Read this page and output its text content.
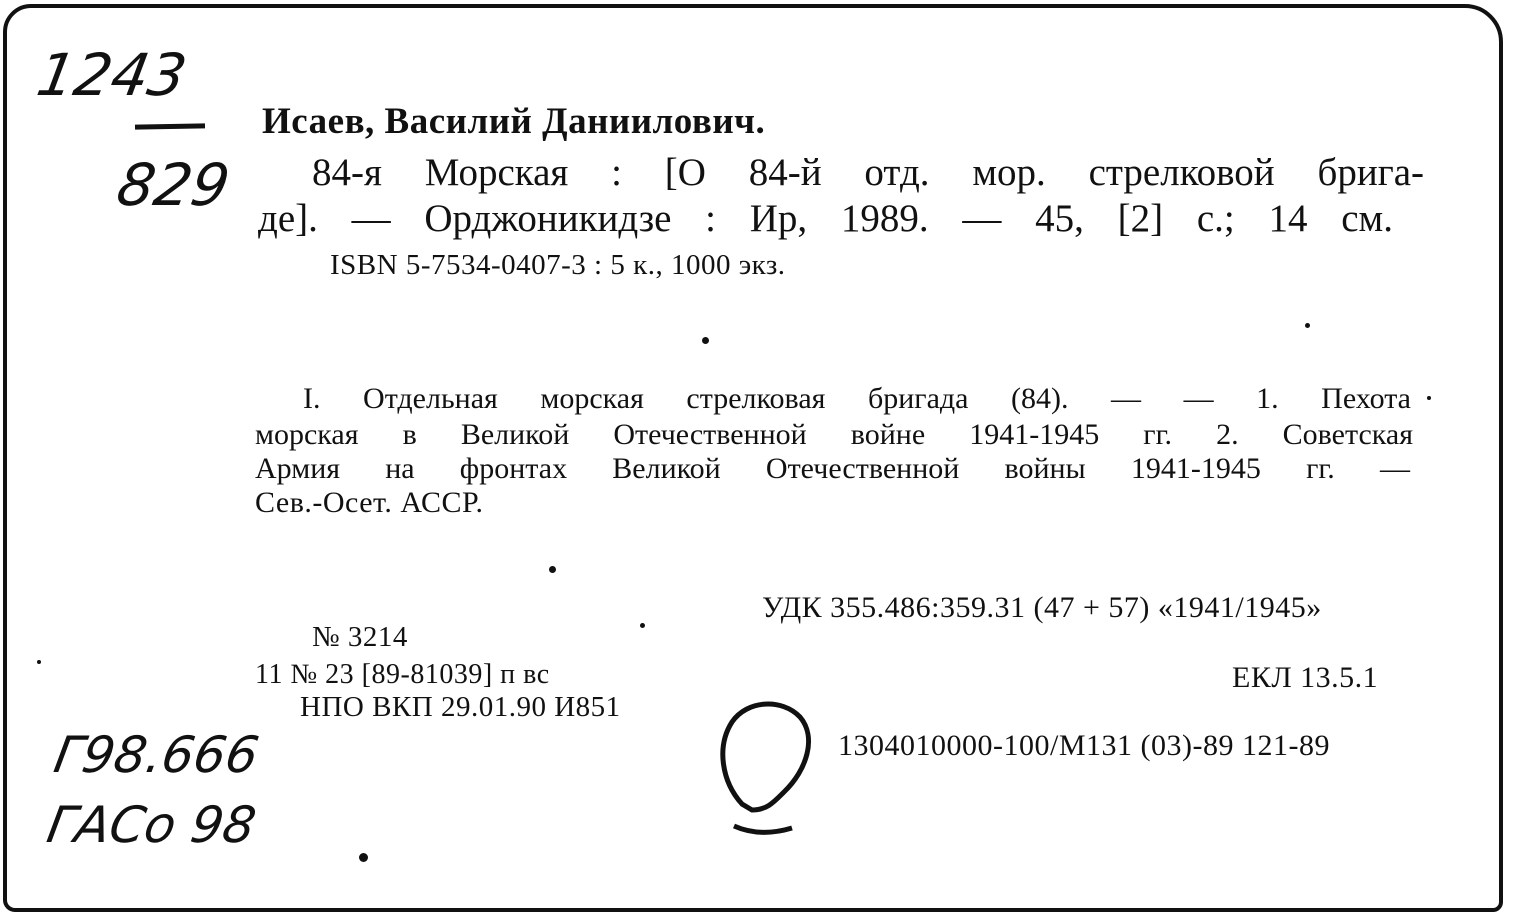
1243
829
Исаев, Василий Даниилович.
84-я Морская : [О 84-й отд. мор. стрелковой брига-
де]. — Орджоникидзе : Ир, 1989. — 45, [2] с.; 14 см.
ISBN 5-7534-0407-3 : 5 к., 1000 экз.
I. Отдельная морская стрелковая бригада (84). — — 1. Пехота
морская в Великой Отечественной войне 1941-1945 гг. 2. Советская
Армия на фронтах Великой Отечественной войны 1941-1945 гг. —
Сев.-Осет. АССР.
УДК 355.486:359.31 (47 + 57) «1941/1945»
№ 3214
11 № 23 [89-81039] п вс
НПО ВКП 29.01.90 И851
ЕКЛ 13.5.1
1304010000-100/М131 (03)-89 121-89
Г98.666
ГАСо 98
